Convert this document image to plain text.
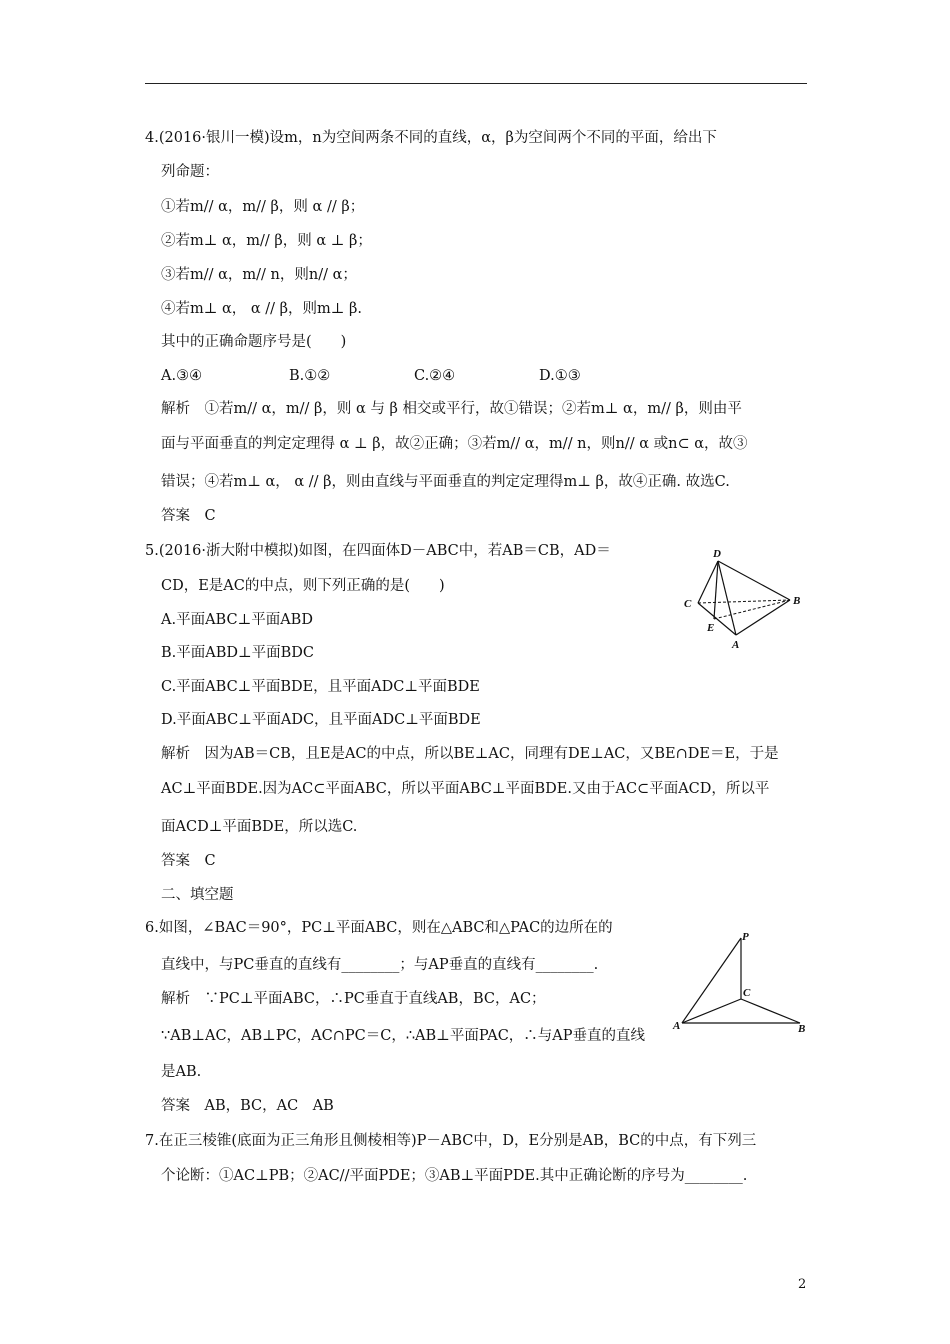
4.(2016·银川一模)设m，n为空间两条不同的直线，α，β为空间两个不同的平面，给出下
列命题：
①若m// α，m// β，则 α // β；
②若m⊥ α，m// β，则 α ⊥ β；
③若m// α，m// n，则n// α；
④若m⊥ α， α // β，则m⊥ β.
其中的正确命题序号是(　　)
A.③④	B.①②	C.②④	D.①③
解析　①若m// α，m// β，则 α 与 β 相交或平行，故①错误；②若m⊥ α，m// β，则由平
面与平面垂直的判定定理得 α ⊥ β，故②正确；③若m// α，m// n，则n// α 或n⊂ α，故③
错误；④若m⊥ α， α // β，则由直线与平面垂直的判定定理得m⊥ β，故④正确. 故选C.
答案　C
5.(2016·浙大附中模拟)如图，在四面体D－ABC中，若AB＝CB，AD＝
CD，E是AC的中点，则下列正确的是(　　)
A.平面ABC⊥平面ABD
B.平面ABD⊥平面BDC
C.平面ABC⊥平面BDE，且平面ADC⊥平面BDE
D.平面ABC⊥平面ADC，且平面ADC⊥平面BDE
解析　因为AB＝CB，且E是AC的中点，所以BE⊥AC，同理有DE⊥AC，又BE∩DE＝E，于是
AC⊥平面BDE.因为AC⊂平面ABC，所以平面ABC⊥平面BDE.又由于AC⊂平面ACD，所以平
面ACD⊥平面BDE，所以选C.
答案　C
D
C	B
E
A
二、填空题
6.如图，∠BAC＝90°，PC⊥平面ABC，则在△ABC和△PAC的边所在的
直线中，与PC垂直的直线有________；与AP垂直的直线有________.
解析　∵PC⊥平面ABC，∴PC垂直于直线AB，BC，AC；
∵AB⊥AC，AB⊥PC，AC∩PC＝C，∴AB⊥平面PAC，∴与AP垂直的直线
是AB.
答案　AB，BC，AC　AB
P
C
A	B
7.在正三棱锥(底面为正三角形且侧棱相等)P－ABC中，D，E分别是AB，BC的中点，有下列三
个论断：①AC⊥PB；②AC//平面PDE；③AB⊥平面PDE.其中正确论断的序号为________.
2
